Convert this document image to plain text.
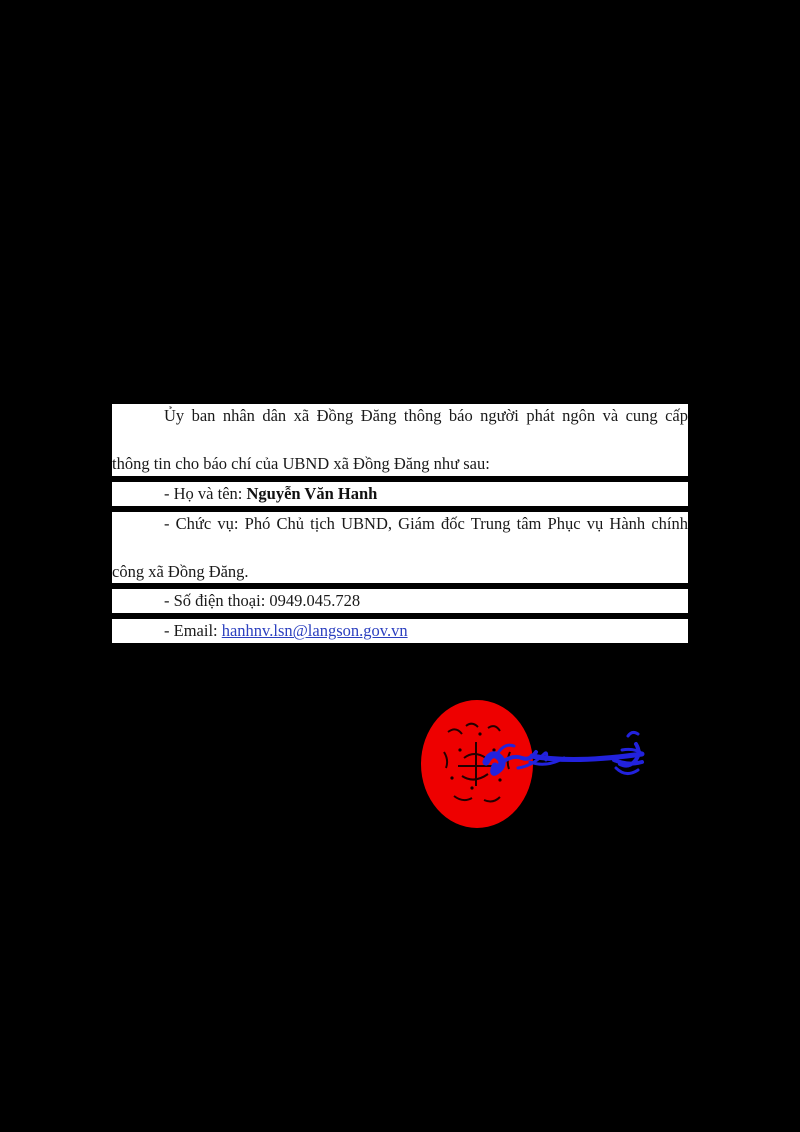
Ủy ban nhân dân xã Đồng Đăng thông báo người phát ngôn và cung cấp
thông tin cho báo chí của UBND xã Đồng Đăng như sau:

- Họ và tên: Nguyễn Văn Hanh

- Chức vụ: Phó Chủ tịch UBND, Giám đốc Trung tâm Phục vụ Hành chính
công xã Đồng Đăng.

- Số điện thoại: 0949.045.728

- Email: hanhnv.lsn@langson.gov.vn
